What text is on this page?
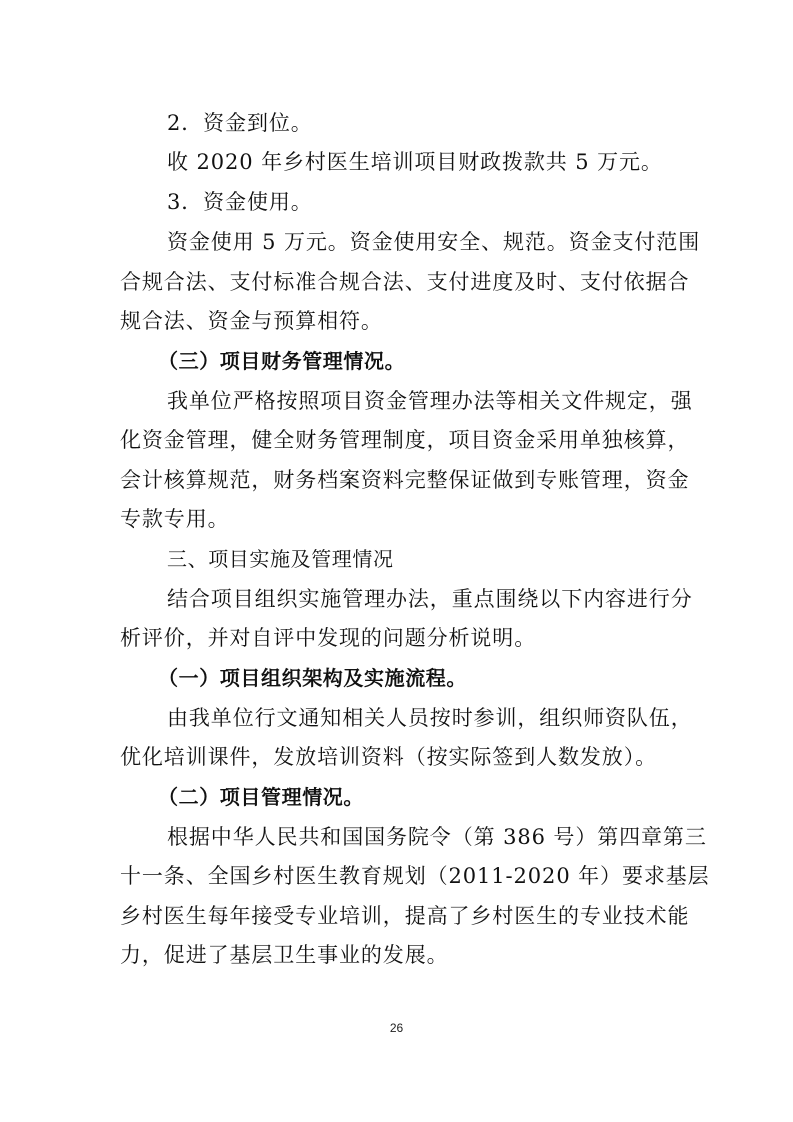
2．资金到位。
收 2020 年乡村医生培训项目财政拨款共 5 万元。
3．资金使用。
资金使用 5 万元。资金使用安全、规范。资金支付范围
合规合法、支付标准合规合法、支付进度及时、支付依据合
规合法、资金与预算相符。
（三）项目财务管理情况。
我单位严格按照项目资金管理办法等相关文件规定，强
化资金管理，健全财务管理制度，项目资金采用单独核算，
会计核算规范，财务档案资料完整保证做到专账管理，资金
专款专用。
三、项目实施及管理情况
结合项目组织实施管理办法，重点围绕以下内容进行分
析评价，并对自评中发现的问题分析说明。
（一）项目组织架构及实施流程。
由我单位行文通知相关人员按时参训，组织师资队伍，
优化培训课件，发放培训资料（按实际签到人数发放）。
（二）项目管理情况。
根据中华人民共和国国务院令（第 386 号）第四章第三
十一条、全国乡村医生教育规划（2011-2020 年）要求基层
乡村医生每年接受专业培训，提高了乡村医生的专业技术能
力，促进了基层卫生事业的发展。
26
